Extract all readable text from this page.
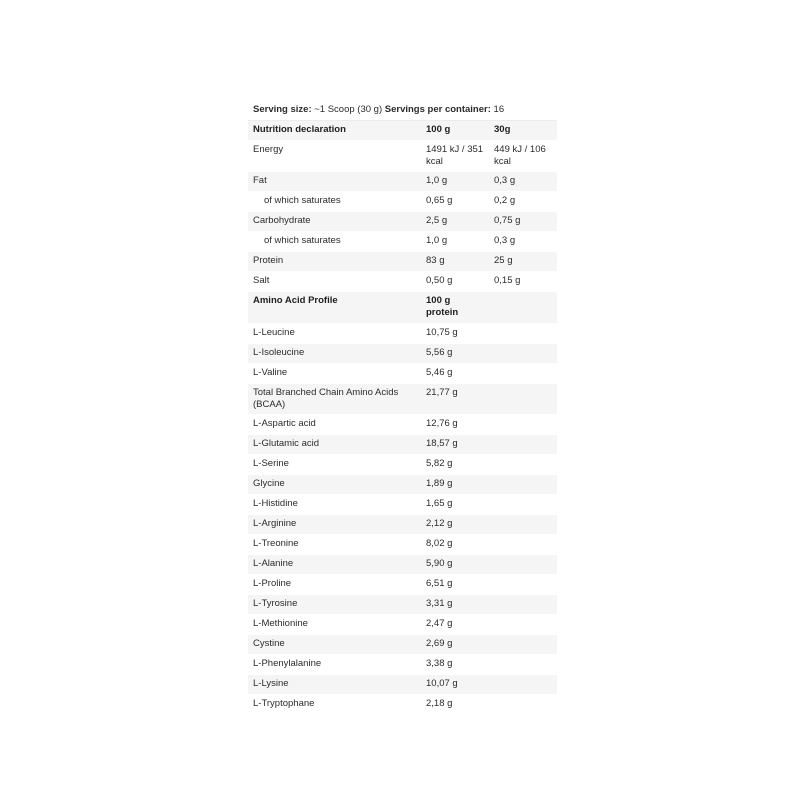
Serving size: ~1 Scoop (30 g) Servings per container: 16
Nutrition declaration	100 g	30g
Energy	1491 kJ / 351 kcal	449 kJ / 106 kcal
Fat	1,0 g	0,3 g
of which saturates	0,65 g	0,2 g
Carbohydrate	2,5 g	0,75 g
of which saturates	1,0 g	0,3 g
Protein	83 g	25 g
Salt	0,50 g	0,15 g
Amino Acid Profile	100 g protein	
L-Leucine	10,75 g	
L-Isoleucine	5,56 g	
L-Valine	5,46 g	
Total Branched Chain Amino Acids (BCAA)	21,77 g	
L-Aspartic acid	12,76 g	
L-Glutamic acid	18,57 g	
L-Serine	5,82 g	
Glycine	1,89 g	
L-Histidine	1,65 g	
L-Arginine	2,12 g	
L-Treonine	8,02 g	
L-Alanine	5,90 g	
L-Proline	6,51 g	
L-Tyrosine	3,31 g	
L-Methionine	2,47 g	
Cystine	2,69 g	
L-Phenylalanine	3,38 g	
L-Lysine	10,07 g	
L-Tryptophane	2,18 g	
